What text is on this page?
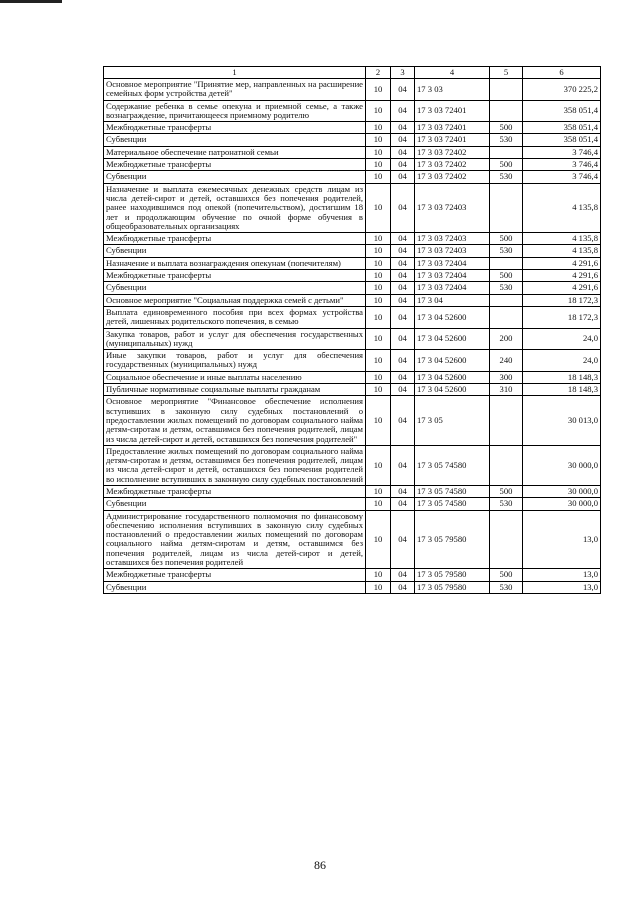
1	2	3	4	5	6
Основное мероприятие "Принятие мер, направленных на расширение семейных форм устройства детей"	10	04	17 3 03		370 225,2
Содержание ребенка в семье опекуна и приемной семье, а также вознаграждение, причитающееся приемному родителю	10	04	17 3 03 72401		358 051,4
Межбюджетные трансферты	10	04	17 3 03 72401	500	358 051,4
Субвенции	10	04	17 3 03 72401	530	358 051,4
Материальное обеспечение патронатной семьи	10	04	17 3 03 72402		3 746,4
Межбюджетные трансферты	10	04	17 3 03 72402	500	3 746,4
Субвенции	10	04	17 3 03 72402	530	3 746,4
Назначение и выплата ежемесячных денежных средств лицам из числа детей-сирот и детей, оставшихся без попечения родителей, ранее находившимся под опекой (попечительством), достигшим 18 лет и продолжающим обучение по очной форме обучения в общеобразовательных организациях	10	04	17 3 03 72403		4 135,8
Межбюджетные трансферты	10	04	17 3 03 72403	500	4 135,8
Субвенции	10	04	17 3 03 72403	530	4 135,8
Назначение и выплата вознаграждения опекунам (попечителям)	10	04	17 3 03 72404		4 291,6
Межбюджетные трансферты	10	04	17 3 03 72404	500	4 291,6
Субвенции	10	04	17 3 03 72404	530	4 291,6
Основное мероприятие "Социальная поддержка семей с детьми"	10	04	17 3 04		18 172,3
Выплата единовременного пособия при всех формах устройства детей, лишенных родительского попечения, в семью	10	04	17 3 04 52600		18 172,3
Закупка товаров, работ и услуг для обеспечения государственных (муниципальных) нужд	10	04	17 3 04 52600	200	24,0
Иные закупки товаров, работ и услуг для обеспечения государственных (муниципальных) нужд	10	04	17 3 04 52600	240	24,0
Социальное обеспечение и иные выплаты населению	10	04	17 3 04 52600	300	18 148,3
Публичные нормативные социальные выплаты гражданам	10	04	17 3 04 52600	310	18 148,3
Основное мероприятие "Финансовое обеспечение исполнения вступивших в законную силу судебных постановлений о предоставлении жилых помещений по договорам социального найма детям-сиротам и детям, оставшимся без попечения родителей, лицам из числа детей-сирот и детей, оставшихся без попечения родителей"	10	04	17 3 05		30 013,0
Предоставление жилых помещений по договорам социального найма детям-сиротам и детям, оставшимся без попечения родителей, лицам из числа детей-сирот и детей, оставшихся без попечения родителей во исполнение вступивших в законную силу судебных постановлений	10	04	17 3 05 74580		30 000,0
Межбюджетные трансферты	10	04	17 3 05 74580	500	30 000,0
Субвенции	10	04	17 3 05 74580	530	30 000,0
Администрирование государственного полномочия по финансовому обеспечению исполнения вступивших в законную силу судебных постановлений о предоставлении жилых помещений по договорам социального найма детям-сиротам и детям, оставшимся без попечения родителей, лицам из числа детей-сирот и детей, оставшихся без попечения родителей	10	04	17 3 05 79580		13,0
Межбюджетные трансферты	10	04	17 3 05 79580	500	13,0
Субвенции	10	04	17 3 05 79580	530	13,0
86
